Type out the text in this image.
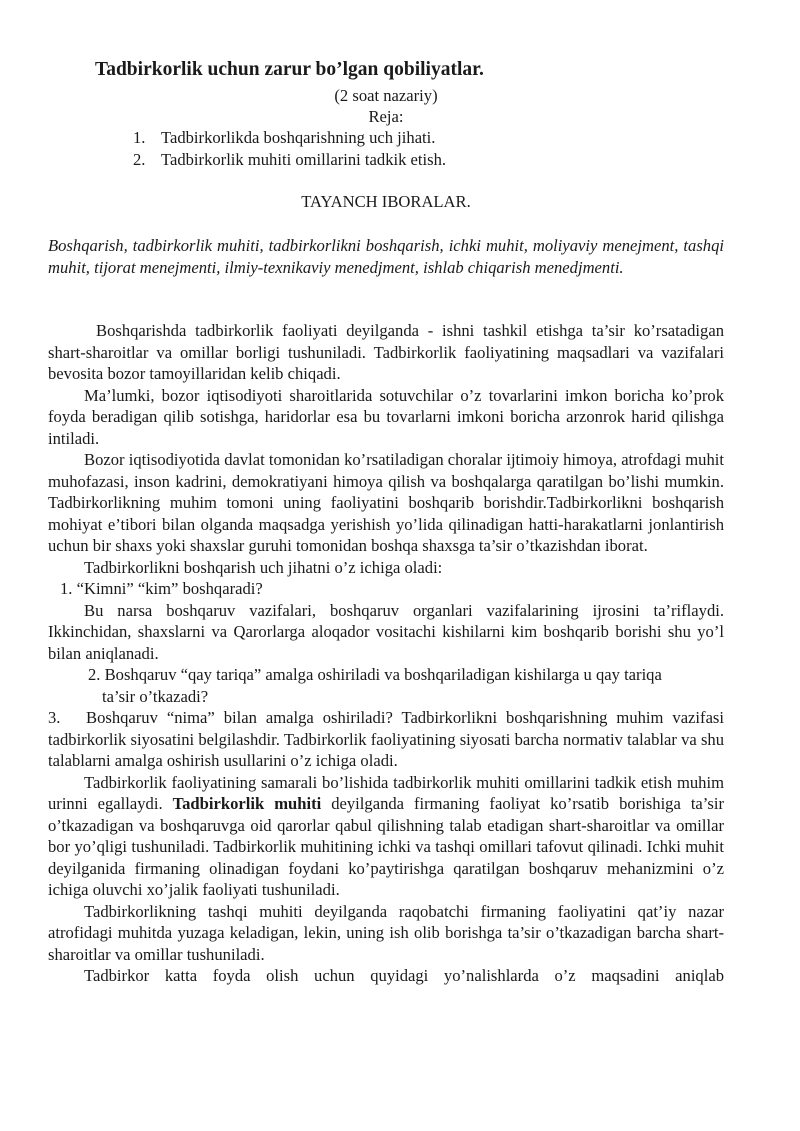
Tadbirkorlik uchun zarur bo’lgan qobiliyatlar.
(2 soat nazariy)
Reja:
1. Tadbirkorlikda boshqarishning uch jihati.
2. Tadbirkorlik muhiti omillarini tadkik etish.
TAYANCH IBORALAR.

Boshqarish, tadbirkorlik muhiti, tadbirkorlikni boshqarish, ichki muhit, moliyaviy menejment, tashqi muhit, tijorat menejmenti, ilmiy-texnikaviy menedjment, ishlab chiqarish menedjmenti.

Boshqarishda tadbirkorlik faoliyati deyilganda - ishni tashkil etishga ta’sir ko’rsatadigan shart-sharoitlar va omillar borligi tushuniladi. Tadbirkorlik faoliyatining maqsadlari va vazifalari bevosita bozor tamoyillaridan kelib chiqadi.

Ma’lumki, bozor iqtisodiyoti sharoitlarida sotuvchilar o’z tovarlarini imkon boricha ko’prok foyda beradigan qilib sotishga, haridorlar esa bu tovarlarni imkoni boricha arzonrok harid qilishga intiladi.

Bozor iqtisodiyotida davlat tomonidan ko’rsatiladigan choralar ijtimoiy himoya, atrofdagi muhit muhofazasi, inson kadrini, demokratiyani himoya qilish va boshqalarga qaratilgan bo’lishi mumkin. Tadbirkorlikning muhim tomoni uning faoliyatini boshqarib borishdir.Tadbirkorlikni boshqarish mohiyat e’tibori bilan olganda maqsadga yerishish yo’lida qilinadigan hatti-harakatlarni jonlantirish uchun bir shaxs yoki shaxslar guruhi tomonidan boshqa shaxsga ta’sir o’tkazishdan iborat.

Tadbirkorlikni boshqarish uch jihatni o’z ichiga oladi:

1. “Kimni” “kim” boshqaradi?

Bu narsa boshqaruv vazifalari, boshqaruv organlari vazifalarining ijrosini ta’riflaydi. Ikkinchidan, shaxslarni va Qarorlarga aloqador vositachi kishilarni kim boshqarib borishi shu yo’l bilan aniqlanadi.

2. Boshqaruv “qay tariqa” amalga oshiriladi va boshqariladigan kishilarga u qay tariqa
ta’sir o’tkazadi?

3. Boshqaruv “nima” bilan amalga oshiriladi? Tadbirkorlikni boshqarishning muhim vazifasi tadbirkorlik siyosatini belgilashdir. Tadbirkorlik faoliyatining siyosati barcha normativ talablar va shu talablarni amalga oshirish usullarini o’z ichiga oladi.

Tadbirkorlik faoliyatining samarali bo’lishida tadbirkorlik muhiti omillarini tadkik etish muhim urinni egallaydi. Tadbirkorlik muhiti deyilganda firmaning faoliyat ko’rsatib borishiga ta’sir o’tkazadigan va boshqaruvga oid qarorlar qabul qilishning talab etadigan shart-sharoitlar va omillar bor yo’qligi tushuniladi. Tadbirkorlik muhitining ichki va tashqi omillari tafovut qilinadi. Ichki muhit deyilganida firmaning olinadigan foydani ko’paytirishga qaratilgan boshqaruv mehanizmini o’z ichiga oluvchi xo’jalik faoliyati tushuniladi.

Tadbirkorlikning tashqi muhiti deyilganda raqobatchi firmaning faoliyatini qat’iy nazar atrofidagi muhitda yuzaga keladigan, lekin, uning ish olib borishga ta’sir o’tkazadigan barcha shart-sharoitlar va omillar tushuniladi.

Tadbirkor katta foyda olish uchun quyidagi yo’nalishlarda o’z maqsadini aniqlab
